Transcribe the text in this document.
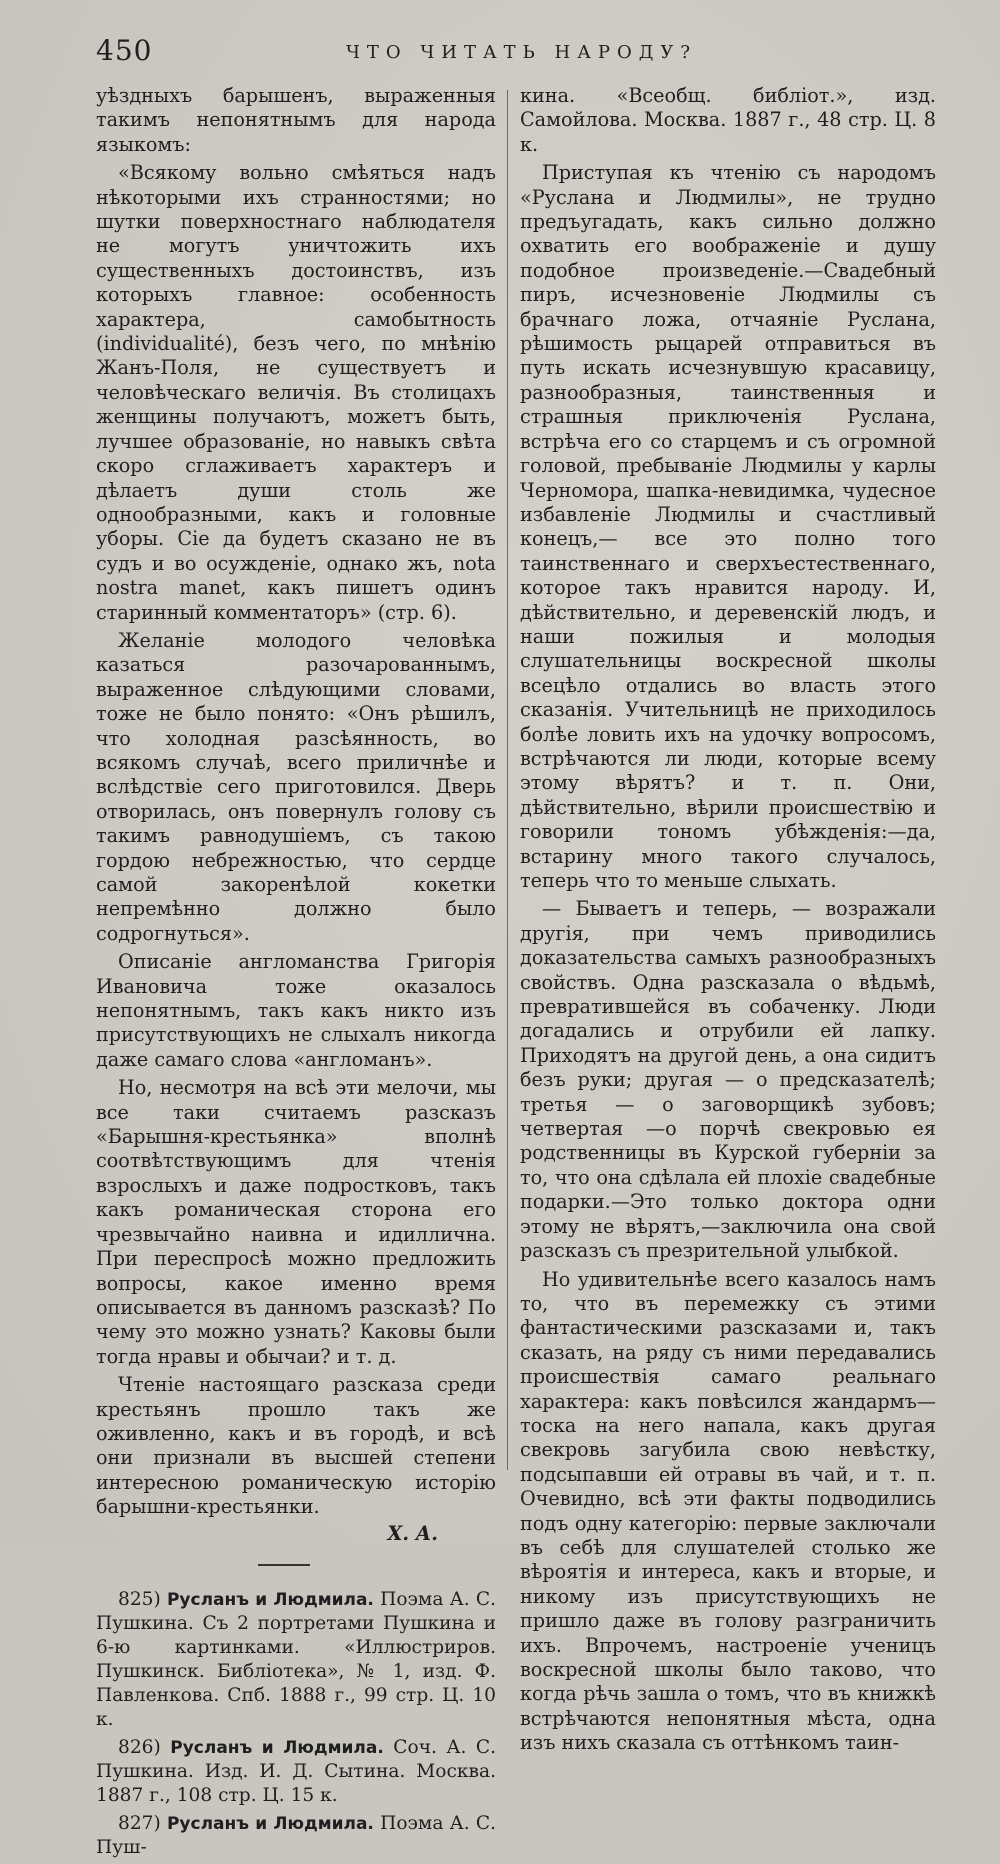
450	ЧТО ЧИТАТЬ НАРОДУ?

уѣздныхъ барышенъ, выраженныя такимъ непонятнымъ для народа языкомъ:

«Всякому вольно смѣяться надъ нѣкоторыми ихъ странностями; но шутки поверхностнаго наблюдателя не могутъ уничтожить ихъ существенныхъ достоинствъ, изъ которыхъ главное: особенность характера, самобытность (individualité), безъ чего, по мнѣнію Жанъ-Поля, не существуетъ и человѣческаго величія. Въ столицахъ женщины получаютъ, можетъ быть, лучшее образованіе, но навыкъ свѣта скоро сглаживаетъ характеръ и дѣлаетъ души столь же однообразными, какъ и головные уборы. Сіе да будетъ сказано не въ судъ и во осужденіе, однако жъ, nota nostra manet, какъ пишетъ одинъ старинный комментаторъ» (стр. 6).

Желаніе молодого человѣка казаться разочарованнымъ, выраженное слѣдующими словами, тоже не было понято: «Онъ рѣшилъ, что холодная разсѣянность, во всякомъ случаѣ, всего приличнѣе и вслѣдствіе сего приготовился. Дверь отворилась, онъ повернулъ голову съ такимъ равнодушіемъ, съ такою гордою небрежностью, что сердце самой закоренѣлой кокетки непремѣнно должно было содрогнуться».

Описаніе англоманства Григорія Ивановича тоже оказалось непонятнымъ, такъ какъ никто изъ присутствующихъ не слыхалъ никогда даже самаго слова «англоманъ».

Но, несмотря на всѣ эти мелочи, мы все таки считаемъ разсказъ «Барышня-крестьянка» вполнѣ соотвѣтствующимъ для чтенія взрослыхъ и даже подростковъ, такъ какъ романическая сторона его чрезвычайно наивна и идиллична. При переспросѣ можно предложить вопросы, какое именно время описывается въ данномъ разсказѣ? По чему это можно узнать? Каковы были тогда нравы и обычаи? и т. д.

Чтеніе настоящаго разсказа среди крестьянъ прошло такъ же оживленно, какъ и въ городѣ, и всѣ они признали въ высшей степени интересною романическую исторію барышни-крестьянки.

Х. А.

825) Русланъ и Людмила. Поэма А. С. Пушкина. Съ 2 портретами Пушкина и 6-ю картинками. «Иллюстриров. Пушкинск. Библіотека», № 1, изд. Ф. Павленкова. Спб. 1888 г., 99 стр. Ц. 10 к.

826) Русланъ и Людмила. Соч. А. С. Пушкина. Изд. И. Д. Сытина. Москва. 1887 г., 108 стр. Ц. 15 к.

827) Русланъ и Людмила. Поэма А. С. Пуш-

кина. «Всеобщ. библiот.», изд. Самойлова. Москва. 1887 г., 48 стр. Ц. 8 к.

Приступая къ чтенію съ народомъ «Руслана и Людмилы», не трудно предъугадать, какъ сильно должно охватить его воображеніе и душу подобное произведеніе.—Свадебный пиръ, исчезновеніе Людмилы съ брачнаго ложа, отчаяніе Руслана, рѣшимость рыцарей отправиться въ путь искать исчезнувшую красавицу, разнообразныя, таинственныя и страшныя приключенія Руслана, встрѣча его со старцемъ и съ огромной головой, пребываніе Людмилы у карлы Черномора, шапка-невидимка, чудесное избавленіе Людмилы и счастливый конецъ,— все это полно того таинственнаго и сверхъестественнаго, которое такъ нравится народу. И, дѣйствительно, и деревенскій людъ, и наши пожилыя и молодыя слушательницы воскресной школы всецѣло отдались во власть этого сказанія. Учительницѣ не приходилось болѣе ловить ихъ на удочку вопросомъ, встрѣчаются ли люди, которые всему этому вѣрятъ? и т. п. Они, дѣйствительно, вѣрили происшествію и говорили тономъ убѣжденія:—да, встарину много такого случалось, теперь что то меньше слыхать.

— Бываетъ и теперь, — возражали другія, при чемъ приводились доказательства самыхъ разнообразныхъ свойствъ. Одна разсказала о вѣдьмѣ, превратившейся въ собаченку. Люди догадались и отрубили ей лапку. Приходятъ на другой день, а она сидитъ безъ руки; другая — о предсказателѣ; третья — о заговорщикѣ зубовъ; четвертая —о порчѣ свекровью ея родственницы въ Курской губерніи за то, что она сдѣлала ей плохіе свадебные подарки.—Это только доктора одни этому не вѣрятъ,—заключила она свой разсказъ съ презрительной улыбкой.

Но удивительнѣе всего казалось намъ то, что въ перемежку съ этими фантастическими разсказами и, такъ сказать, на ряду съ ними передавались происшествія самаго реальнаго характера: какъ повѣсился жандармъ—тоска на него напала, какъ другая свекровь загубила свою невѣстку, подсыпавши ей отравы въ чай, и т. п. Очевидно, всѣ эти факты подводились подъ одну категорію: первые заключали въ себѣ для слушателей столько же вѣроятія и интереса, какъ и вторые, и никому изъ присутствующихъ не пришло даже въ голову разграничить ихъ. Впрочемъ, настроеніе ученицъ воскресной школы было таково, что когда рѣчь зашла о томъ, что въ книжкѣ встрѣчаются непонятныя мѣста, одна изъ нихъ сказала съ оттѣнкомъ таин-
